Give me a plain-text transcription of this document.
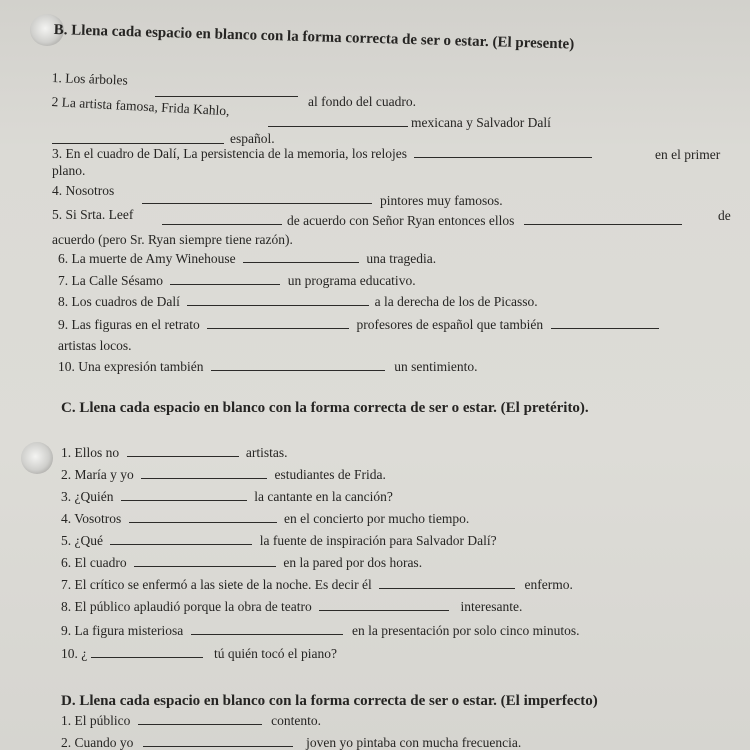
B. Llena cada espacio en blanco con la forma correcta de ser o estar. (El presente)
1. Los árboles
al fondo del cuadro.
2 La artista famosa, Frida Kahlo,
mexicana y Salvador Dalí
español.
3. En el cuadro de Dalí, La persistencia de la memoria, los relojes	en el primer
plano.
4. Nosotros
pintores muy famosos.
5. Si Srta. Leef	de acuerdo con Señor Ryan entonces ellos	de
acuerdo (pero Sr. Ryan siempre tiene razón).
6. La muerte de Amy Winehouse	una tragedia.
7. La Calle Sésamo	un programa educativo.
8. Los cuadros de Dalí	a la derecha de los de Picasso.
9. Las figuras en el retrato	profesores de español que también
artistas locos.
10. Una expresión también	un sentimiento.
C. Llena cada espacio en blanco con la forma correcta de ser o estar. (El pretérito).
1. Ellos no	artistas.
2. María y yo	estudiantes de Frida.
3. ¿Quién	la cantante en la canción?
4. Vosotros	en el concierto por mucho tiempo.
5. ¿Qué	la fuente de inspiración para Salvador Dalí?
6. El cuadro	en la pared por dos horas.
7. El crítico se enfermó a las siete de la noche. Es decir él	enfermo.
8. El público aplaudió porque la obra de teatro	interesante.
9. La figura misteriosa	en la presentación por solo cinco minutos.
10. ¿	tú quién tocó el piano?
D. Llena cada espacio en blanco con la forma correcta de ser o estar. (El imperfecto)
1. El público	contento.
2. Cuando yo	joven yo pintaba con mucha frecuencia.
